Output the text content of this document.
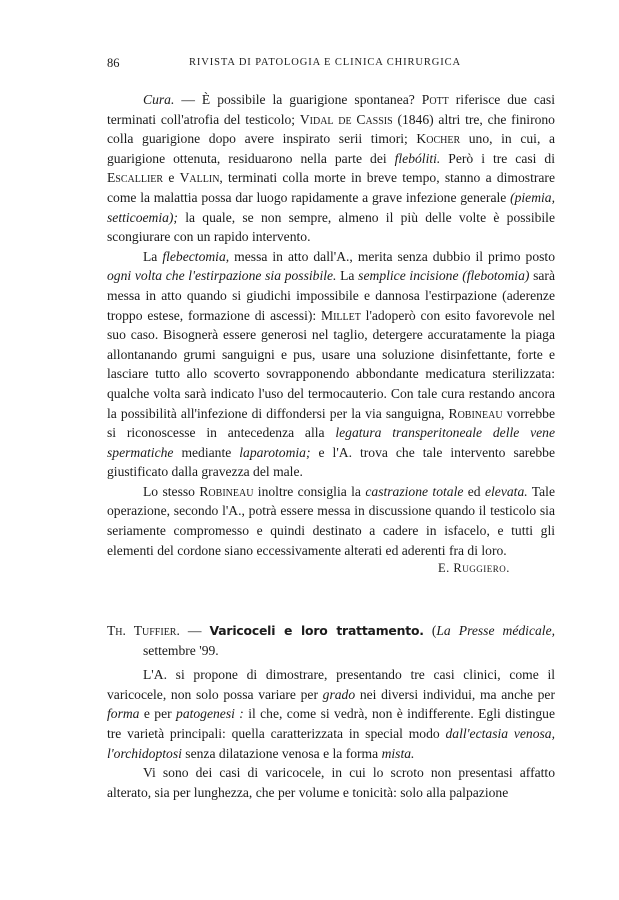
86	RIVISTA DI PATOLOGIA E CLINICA CHIRURGICA

Cura. — È possibile la guarigione spontanea? Pott riferisce due casi terminati coll'atrofia del testicolo; Vidal de Cassis (1846) altri tre, che finirono colla guarigione dopo avere inspirato serii timori; Kocher uno, in cui, a guarigione ottenuta, residuarono nella parte dei flebóliti. Però i tre casi di Escallier e Vallin, terminati colla morte in breve tempo, stanno a dimostrare come la malattia possa dar luogo rapidamente a grave infezione generale (piemia, setticoemia); la quale, se non sempre, almeno il più delle volte è possibile scongiurare con un rapido intervento.

La flebectomia, messa in atto dall'A., merita senza dubbio il primo posto ogni volta che l'estirpazione sia possibile. La semplice incisione (flebotomia) sarà messa in atto quando si giudichi impossibile e dannosa l'estirpazione (aderenze troppo estese, formazione di ascessi): Millet l'adoperò con esito favorevole nel suo caso. Bisognerà essere generosi nel taglio, detergere accuratamente la piaga allontanando grumi sanguigni e pus, usare una soluzione disinfettante, forte e lasciare tutto allo scoverto sovrapponendo abbondante medicatura sterilizzata: qualche volta sarà indicato l'uso del termocauterio. Con tale cura restando ancora la possibilità all'infezione di diffondersi per la via sanguigna, Robineau vorrebbe si riconoscesse in antecedenza alla legatura transperitoneale delle vene spermatiche mediante laparotomia; e l'A. trova che tale intervento sarebbe giustificato dalla gravezza del male.

Lo stesso Robineau inoltre consiglia la castrazione totale ed elevata. Tale operazione, secondo l'A., potrà essere messa in discussione quando il testicolo sia seriamente compromesso e quindi destinato a cadere in isfacelo, e tutti gli elementi del cordone siano eccessivamente alterati ed aderenti fra di loro.

E. Ruggiero.

Th. Tuffier. — Varicoceli e loro trattamento. (La Presse médicale, settembre '99.

L'A. si propone di dimostrare, presentando tre casi clinici, come il varicocele, non solo possa variare per grado nei diversi individui, ma anche per forma e per patogenesi : il che, come si vedrà, non è indifferente. Egli distingue tre varietà principali: quella caratterizzata in special modo dall'ectasia venosa, l'orchidoptosi senza dilatazione venosa e la forma mista.

Vi sono dei casi di varicocele, in cui lo scroto non presentasi affatto alterato, sia per lunghezza, che per volume e tonicità: solo alla palpazione
